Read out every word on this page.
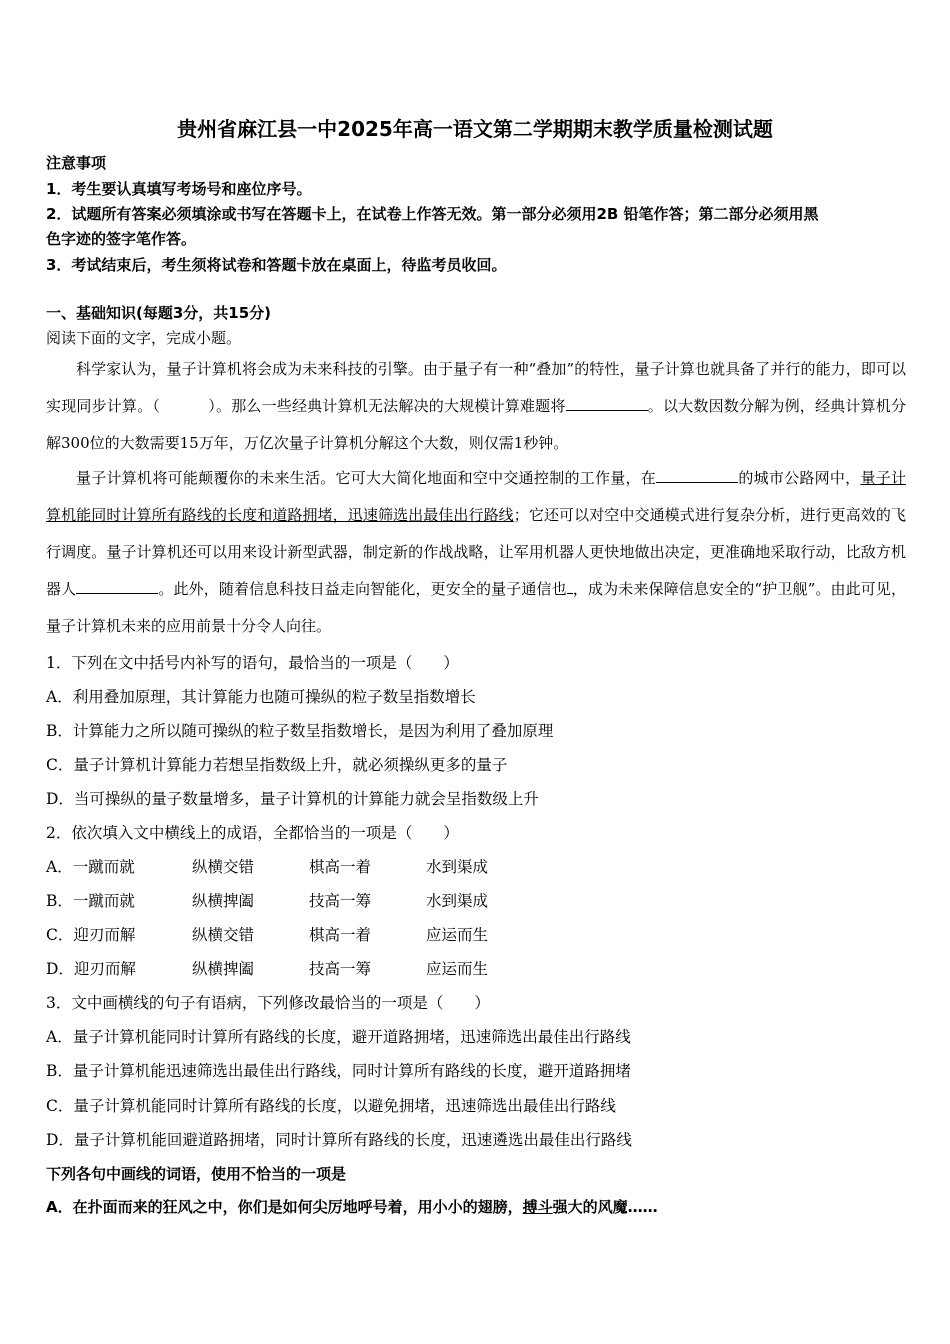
贵州省麻江县一中2025年高一语文第二学期期末教学质量检测试题
注意事项
1．考生要认真填写考场号和座位序号。
2．试题所有答案必须填涂或书写在答题卡上，在试卷上作答无效。第一部分必须用2B 铅笔作答；第二部分必须用黑
色字迹的签字笔作答。
3．考试结束后，考生须将试卷和答题卡放在桌面上，待监考员收回。
一、基础知识(每题3分，共15分)
阅读下面的文字，完成小题。
科学家认为，量子计算机将会成为未来科技的引擎。由于量子有一种“叠加”的特性，量子计算也就具备了并行的能力，即可以实现同步计算。（	）。那么一些经典计算机无法解决的大规模计算难题将	。以大数因数分解为例，经典计算机分解300位的大数需要15万年，万亿次量子计算机分解这个大数，则仅需1秒钟。
量子计算机将可能颠覆你的未来生活。它可大大简化地面和空中交通控制的工作量，在	的城市公路网中，量子计算机能同时计算所有路线的长度和道路拥堵，迅速筛选出最佳出行路线；它还可以对空中交通模式进行复杂分析，进行更高效的飞行调度。量子计算机还可以用来设计新型武器，制定新的作战战略，让军用机器人更快地做出决定，更准确地采取行动，比敌方机器人	。此外，随着信息科技日益走向智能化，更安全的量子通信也 ，成为未来保障信息安全的“护卫舰”。由此可见，量子计算机未来的应用前景十分令人向往。
1．下列在文中括号内补写的语句，最恰当的一项是（　　）
A．利用叠加原理，其计算能力也随可操纵的粒子数呈指数增长
B．计算能力之所以随可操纵的粒子数呈指数增长，是因为利用了叠加原理
C．量子计算机计算能力若想呈指数级上升，就必须操纵更多的量子
D．当可操纵的量子数量增多，量子计算机的计算能力就会呈指数级上升
2．依次填入文中横线上的成语，全都恰当的一项是（　　）
A．一蹴而就	纵横交错	棋高一着	水到渠成
B．一蹴而就	纵横捭阖	技高一筹	水到渠成
C．迎刃而解	纵横交错	棋高一着	应运而生
D．迎刃而解	纵横捭阖	技高一筹	应运而生
3．文中画横线的句子有语病，下列修改最恰当的一项是（　　）
A．量子计算机能同时计算所有路线的长度，避开道路拥堵，迅速筛选出最佳出行路线
B．量子计算机能迅速筛选出最佳出行路线，同时计算所有路线的长度，避开道路拥堵
C．量子计算机能同时计算所有路线的长度，以避免拥堵，迅速筛选出最佳出行路线
D．量子计算机能回避道路拥堵，同时计算所有路线的长度，迅速遴选出最佳出行路线
下列各句中画线的词语，使用不恰当的一项是
A．在扑面而来的狂风之中，你们是如何尖厉地呼号着，用小小的翅膀，搏斗强大的风魔……
